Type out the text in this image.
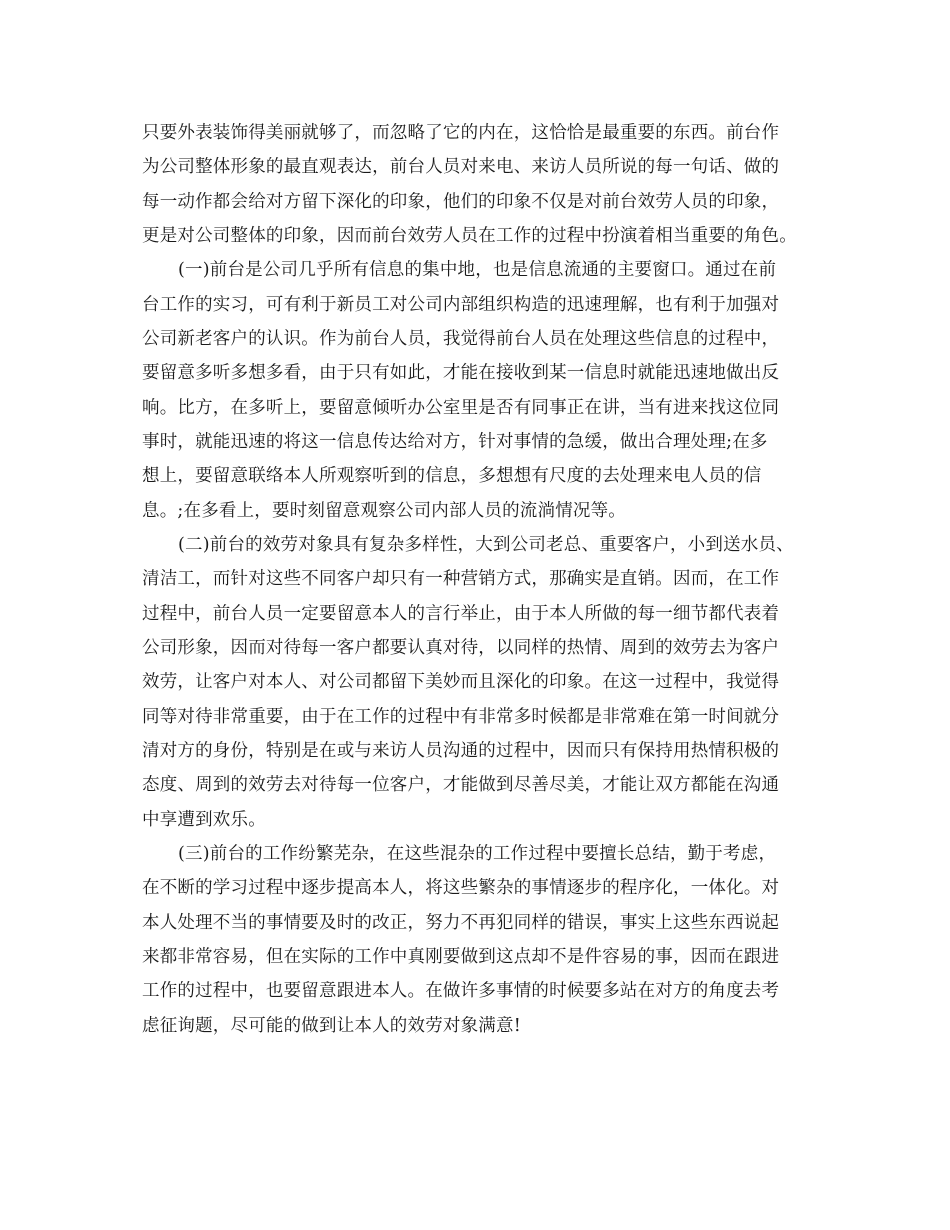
只要外表装饰得美丽就够了，而忽略了它的内在，这恰恰是最重要的东西。前台作
为公司整体形象的最直观表达，前台人员对来电、来访人员所说的每一句话、做的
每一动作都会给对方留下深化的印象，他们的印象不仅是对前台效劳人员的印象，
更是对公司整体的印象，因而前台效劳人员在工作的过程中扮演着相当重要的角色。
(一)前台是公司几乎所有信息的集中地，也是信息流通的主要窗口。通过在前
台工作的实习，可有利于新员工对公司内部组织构造的迅速理解，也有利于加强对
公司新老客户的认识。作为前台人员，我觉得前台人员在处理这些信息的过程中，
要留意多听多想多看，由于只有如此，才能在接收到某一信息时就能迅速地做出反
响。比方，在多听上，要留意倾听办公室里是否有同事正在讲，当有进来找这位同
事时，就能迅速的将这一信息传达给对方，针对事情的急缓，做出合理处理;在多
想上，要留意联络本人所观察听到的信息，多想想有尺度的去处理来电人员的信
息。;在多看上，要时刻留意观察公司内部人员的流淌情况等。
(二)前台的效劳对象具有复杂多样性，大到公司老总、重要客户，小到送水员、
清洁工，而针对这些不同客户却只有一种营销方式，那确实是直销。因而，在工作
过程中，前台人员一定要留意本人的言行举止，由于本人所做的每一细节都代表着
公司形象，因而对待每一客户都要认真对待，以同样的热情、周到的效劳去为客户
效劳，让客户对本人、对公司都留下美妙而且深化的印象。在这一过程中，我觉得
同等对待非常重要，由于在工作的过程中有非常多时候都是非常难在第一时间就分
清对方的身份，特别是在或与来访人员沟通的过程中，因而只有保持用热情积极的
态度、周到的效劳去对待每一位客户，才能做到尽善尽美，才能让双方都能在沟通
中享遭到欢乐。
(三)前台的工作纷繁芜杂，在这些混杂的工作过程中要擅长总结，勤于考虑，
在不断的学习过程中逐步提高本人，将这些繁杂的事情逐步的程序化，一体化。对
本人处理不当的事情要及时的改正，努力不再犯同样的错误，事实上这些东西说起
来都非常容易，但在实际的工作中真刚要做到这点却不是件容易的事，因而在跟进
工作的过程中，也要留意跟进本人。在做许多事情的时候要多站在对方的角度去考
虑征询题，尽可能的做到让本人的效劳对象满意!
